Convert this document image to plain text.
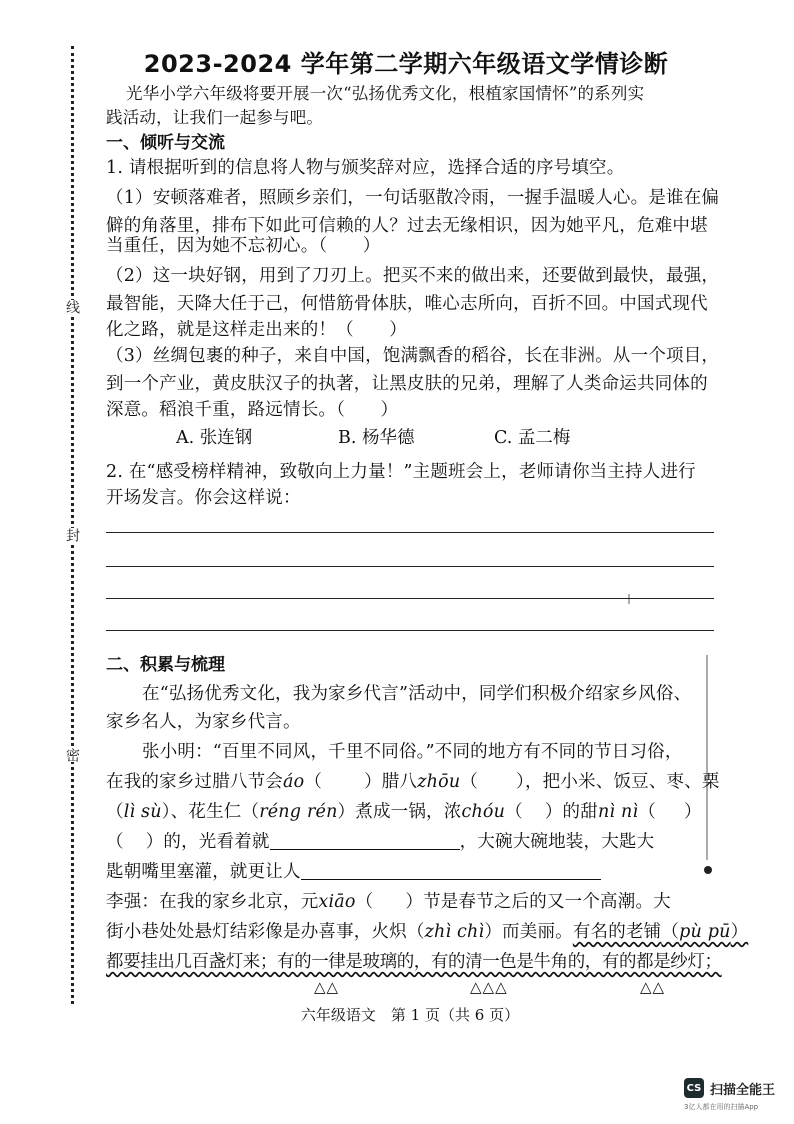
线
封
密
2023-2024 学年第二学期六年级语文学情诊断
光华小学六年级将要开展一次“弘扬优秀文化，根植家国情怀”的系列实
践活动，让我们一起参与吧。
一、倾听与交流
1. 请根据听到的信息将人物与颁奖辞对应，选择合适的序号填空。
（1）安顿落难者，照顾乡亲们，一句话驱散冷雨，一握手温暖人心。是谁在偏
僻的角落里，排布下如此可信赖的人？过去无缘相识，因为她平凡，危难中堪
当重任，因为她不忘初心。（　　）
（2）这一块好钢，用到了刀刃上。把买不来的做出来，还要做到最快，最强，
最智能，天降大任于己，何惜筋骨体肤，唯心志所向，百折不回。中国式现代
化之路，就是这样走出来的！（　　）
（3）丝绸包裹的种子，来自中国，饱满飘香的稻谷，长在非洲。从一个项目，
到一个产业，黄皮肤汉子的执著，让黑皮肤的兄弟，理解了人类命运共同体的
深意。稻浪千重，路远情长。（　　）
A. 张连钢	B. 杨华德	C. 孟二梅
2. 在“感受榜样精神，致敬向上力量！”主题班会上，老师请你当主持人进行
开场发言。你会这样说：
二、积累与梳理
在“弘扬优秀文化，我为家乡代言”活动中，同学们积极介绍家乡风俗、
家乡名人，为家乡代言。
张小明：“百里不同风，千里不同俗。”不同的地方有不同的节日习俗，
在我的家乡过腊八节会áo（ ）腊八zhōu（ ），把小米、饭豆、枣、栗
（lì sù）、花生仁（réng rén）煮成一锅，浓chóu（ ）的甜nì nì（ ）
（ ）的，光看着就	，大碗大碗地装，大匙大
匙朝嘴里塞灌，就更让人
李强：在我的家乡北京，元xiāo（ ）节是春节之后的又一个高潮。大
街小巷处处悬灯结彩像是办喜事，火炽（zhì chì）而美丽。有名的老铺（pù pū）
都要挂出几百盏灯来；有的一律是玻璃的，有的清一色是牛角的，有的都是纱灯；
△△	△△△	△△
六年级语文　第 1 页（共 6 页）
CS 扫描全能王
3亿人都在用的扫描App
